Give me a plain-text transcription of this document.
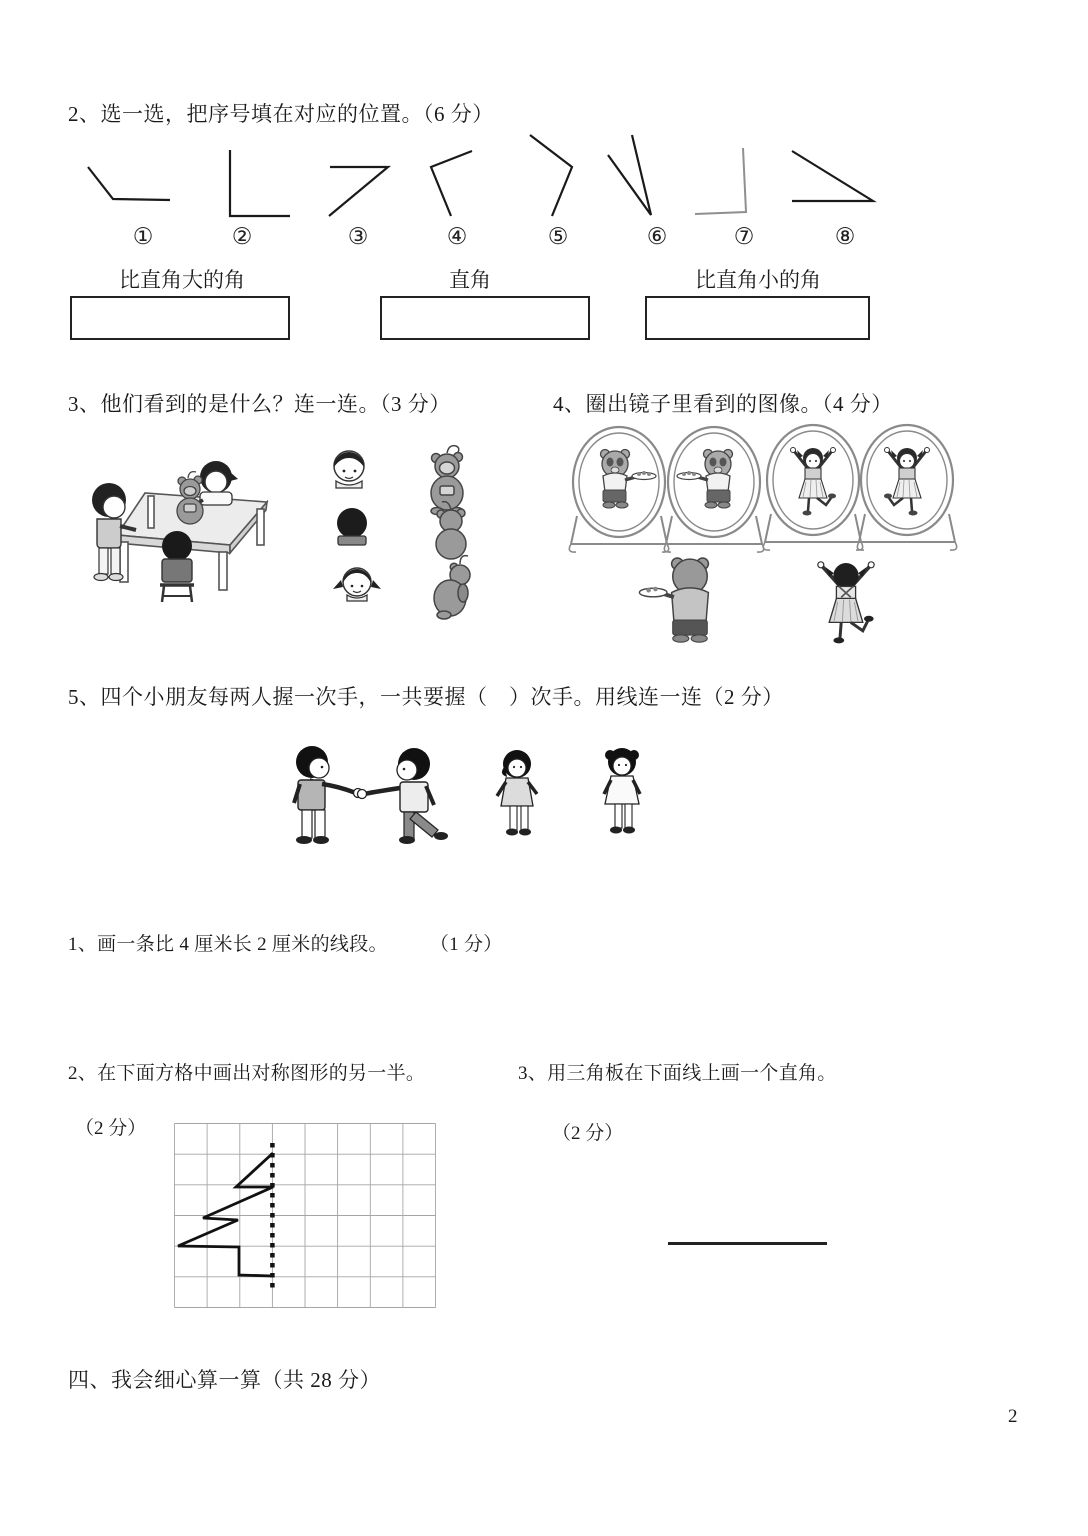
2、选一选，把序号填在对应的位置。（6 分）
①	②	③	④	⑤	⑥	⑦	⑧
比直角大的角	直角	比直角小的角
3、他们看到的是什么？连一连。（3 分）	4、圈出镜子里看到的图像。（4 分）
5、四个小朋友每两人握一次手，一共要握（　）次手。用线连一连（2 分）
1、画一条比 4 厘米长 2 厘米的线段。 （1 分）
2、在下面方格中画出对称图形的另一半。	3、用三角板在下面线上画一个直角。
（2 分）	（2 分）
四、我会细心算一算（共 28 分）
2
